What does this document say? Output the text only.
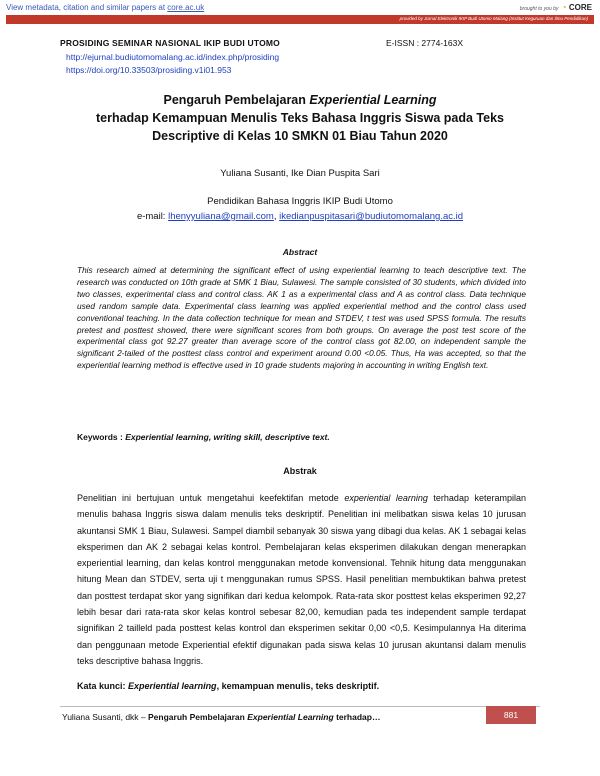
View metadata, citation and similar papers at core.ac.uk	brought to you by ◔ CORE
provided by Jurnal Elektronik IKIP Budi Utomo Malang (Institut Keguruan dan Ilmu Pendidikan)
PROSIDING SEMINAR NASIONAL IKIP BUDI UTOMO	E-ISSN : 2774-163X
http://ejurnal.budiutomomalang.ac.id/index.php/prosiding
https://doi.org/10.33503/prosiding.v1i01.953
Pengaruh Pembelajaran Experiential Learning
terhadap Kemampuan Menulis Teks Bahasa Inggris Siswa pada Teks
Descriptive di Kelas 10 SMKN 01 Biau Tahun 2020
Yuliana Susanti, Ike Dian Puspita Sari
Pendidikan Bahasa Inggris IKIP Budi Utomo
e-mail: lhenyyuliana@gmail.com, ikedianpuspitasari@budiutomomalang.ac.id
Abstract
This research aimed at determining the significant effect of using experiential learning to teach descriptive text. The research was conducted on 10th grade at SMK 1 Biau, Sulawesi. The sample consisted of 30 students, which divided into two classes, experimental class and control class. AK 1 as a experimental class and A as control class. Data technique used random sample data. Experimental class learning was applied experiential method and the control class used conventional teaching. In the data collection technique for mean and STDEV, t test was used SPSS formula. The results pretest and posttest showed, there were significant scores from both groups. On average the post test score of the experimental class got 92.27 greater than average score of the control class got 82.00, on independent sample the significant 2-tailed of the posttest class control and experiment around 0.00 <0.05. Thus, Ha was accepted, so that the experiential learning method is effective used in 10 grade students majoring in accounting in writing English text.
Keywords : Experiential learning, writing skill, descriptive text.
Abstrak
Penelitian ini bertujuan untuk mengetahui keefektifan metode experiential learning terhadap keterampilan menulis bahasa Inggris siswa dalam menulis teks deskriptif. Penelitian ini melibatkan siswa kelas 10 jurusan akuntansi SMK 1 Biau, Sulawesi. Sampel diambil sebanyak 30 siswa yang dibagi dua kelas. AK 1 sebagai kelas eksperimen dan AK 2 sebagai kelas kontrol. Pembelajaran kelas eksperimen dilakukan dengan menerapkan experiential learning, dan kelas kontrol menggunakan metode konvensional. Tehnik hitung data menggunakan hitung Mean dan STDEV, serta uji t menggunakan rumus SPSS. Hasil penelitian membuktikan bahwa pretest dan posttest terdapat skor yang signifikan dari kedua kelompok. Rata-rata skor posttest kelas eksperimen 92,27 lebih besar dari rata-rata skor kelas kontrol sebesar 82,00, kemudian pada tes independent sample terdapat signifikan 2 tailleld pada posttest kelas kontrol dan eksperimen sekitar 0,00 <0,5. Kesimpulannya Ha diterima dan penggunaan metode Experiential efektif digunakan pada siswa kelas 10 jurusan akuntansi dalam menulis teks descriptive bahasa Inggris.
Kata kunci: Experiential learning, kemampuan menulis, teks deskriptif.
Yuliana Susanti, dkk – Pengaruh Pembelajaran Experiential Learning terhadap…	881
